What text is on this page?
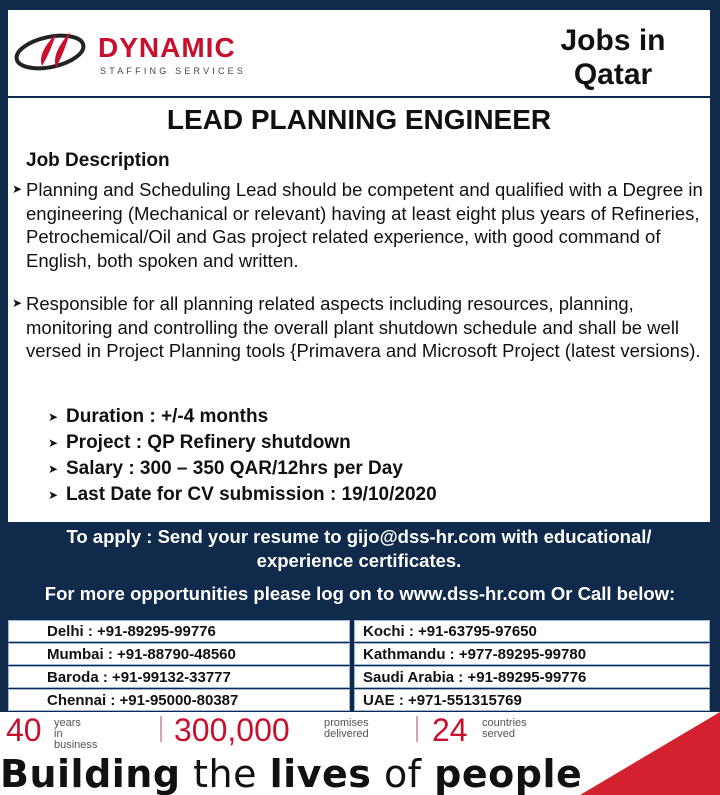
DYNAMIC
STAFFING SERVICES
Jobs in
Qatar
LEAD PLANNING ENGINEER
Job Description
➤ Planning and Scheduling Lead should be competent and qualified with a Degree in engineering (Mechanical or relevant) having at least eight plus years of Refineries, Petrochemical/Oil and Gas project related experience, with good command of English, both spoken and written.
➤ Responsible for all planning related aspects including resources, planning, monitoring and controlling the overall plant shutdown schedule and shall be well versed in Project Planning tools {Primavera and Microsoft Project (latest versions).
➤ Duration : +/-4 months
➤ Project : QP Refinery shutdown
➤ Salary : 300 – 350 QAR/12hrs per Day
➤ Last Date for CV submission : 19/10/2020
To apply : Send your resume to gijo@dss-hr.com with educational/
experience certificates.
For more opportunities please log on to www.dss-hr.com Or Call below:
Delhi : +91-89295-99776
Mumbai : +91-88790-48560
Baroda : +91-99132-33777
Chennai : +91-95000-80387
Kochi : +91-63795-97650
Kathmandu : +977-89295-99780
Saudi Arabia : +91-89295-99776
UAE : +971-551315769
40 years
in business 300,000	promises
delivered 24 countries
served
Building the lives of people
